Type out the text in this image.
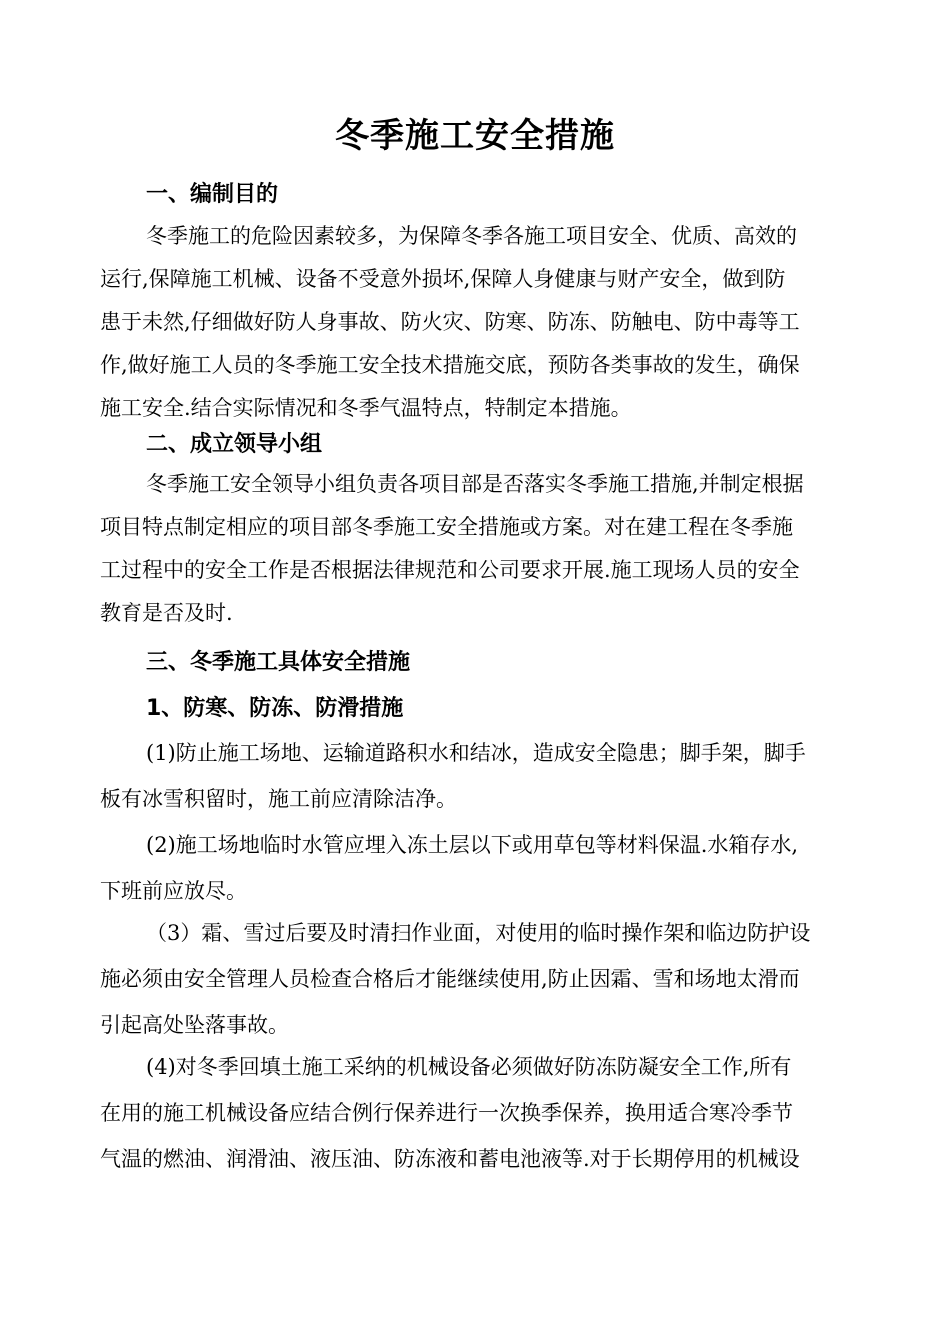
冬季施工安全措施
一、编制目的
冬季施工的危险因素较多，为保障冬季各施工项目安全、优质、高效的
运行,保障施工机械、设备不受意外损坏,保障人身健康与财产安全，做到防
患于未然,仔细做好防人身事故、防火灾、防寒、防冻、防触电、防中毒等工
作,做好施工人员的冬季施工安全技术措施交底，预防各类事故的发生，确保
施工安全.结合实际情况和冬季气温特点，特制定本措施。
二、成立领导小组
冬季施工安全领导小组负责各项目部是否落实冬季施工措施,并制定根据
项目特点制定相应的项目部冬季施工安全措施或方案。对在建工程在冬季施
工过程中的安全工作是否根据法律规范和公司要求开展.施工现场人员的安全
教育是否及时.
三、冬季施工具体安全措施
1、防寒、防冻、防滑措施
(1)防止施工场地、运输道路积水和结冰，造成安全隐患；脚手架，脚手
板有冰雪积留时，施工前应清除洁净。
(2)施工场地临时水管应埋入冻土层以下或用草包等材料保温.水箱存水,
下班前应放尽。
（3）霜、雪过后要及时清扫作业面，对使用的临时操作架和临边防护设
施必须由安全管理人员检查合格后才能继续使用,防止因霜、雪和场地太滑而
引起高处坠落事故。
(4)对冬季回填土施工采纳的机械设备必须做好防冻防凝安全工作,所有
在用的施工机械设备应结合例行保养进行一次换季保养，换用适合寒冷季节
气温的燃油、润滑油、液压油、防冻液和蓄电池液等.对于长期停用的机械设
